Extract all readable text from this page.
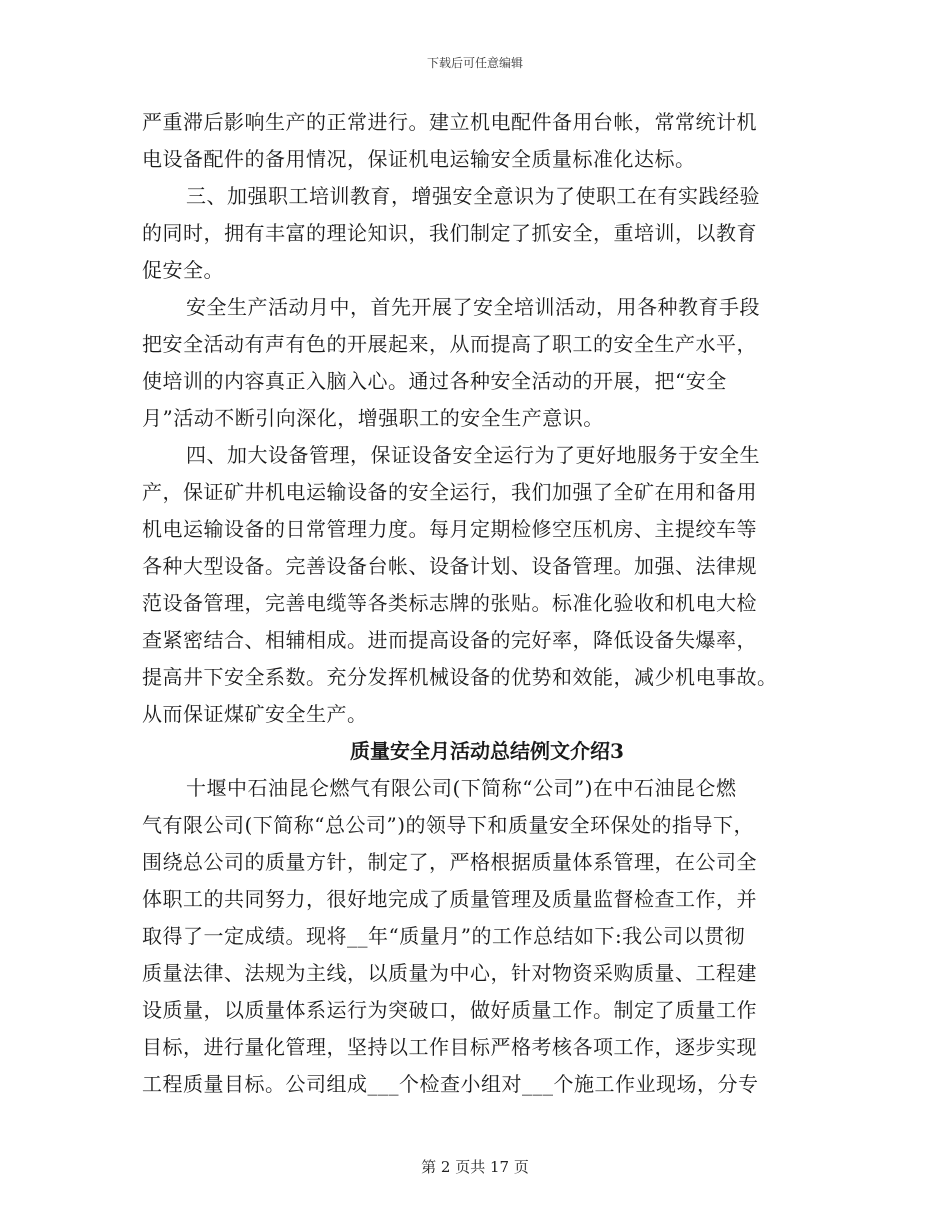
下载后可任意编辑
严重滞后影响生产的正常进行。建立机电配件备用台帐，常常统计机
电设备配件的备用情况，保证机电运输安全质量标准化达标。
三、加强职工培训教育，增强安全意识为了使职工在有实践经验
的同时，拥有丰富的理论知识，我们制定了抓安全，重培训，以教育
促安全。
安全生产活动月中，首先开展了安全培训活动，用各种教育手段
把安全活动有声有色的开展起来，从而提高了职工的安全生产水平，
使培训的内容真正入脑入心。通过各种安全活动的开展，把“安全
月”活动不断引向深化，增强职工的安全生产意识。
四、加大设备管理，保证设备安全运行为了更好地服务于安全生
产，保证矿井机电运输设备的安全运行，我们加强了全矿在用和备用
机电运输设备的日常管理力度。每月定期检修空压机房、主提绞车等
各种大型设备。完善设备台帐、设备计划、设备管理。加强、法律规
范设备管理，完善电缆等各类标志牌的张贴。标准化验收和机电大检
查紧密结合、相辅相成。进而提高设备的完好率，降低设备失爆率，
提高井下安全系数。充分发挥机械设备的优势和效能，减少机电事故。
从而保证煤矿安全生产。
质量安全月活动总结例文介绍3
十堰中石油昆仑燃气有限公司(下简称“公司”)在中石油昆仑燃
气有限公司(下简称“总公司”)的领导下和质量安全环保处的指导下，
围绕总公司的质量方针，制定了，严格根据质量体系管理，在公司全
体职工的共同努力，很好地完成了质量管理及质量监督检查工作，并
取得了一定成绩。现将__年“质量月”的工作总结如下:我公司以贯彻
质量法律、法规为主线，以质量为中心，针对物资采购质量、工程建
设质量，以质量体系运行为突破口，做好质量工作。制定了质量工作
目标，进行量化管理，坚持以工作目标严格考核各项工作，逐步实现
工程质量目标。公司组成___个检查小组对___个施工作业现场，分专
第 2 页共 17 页
